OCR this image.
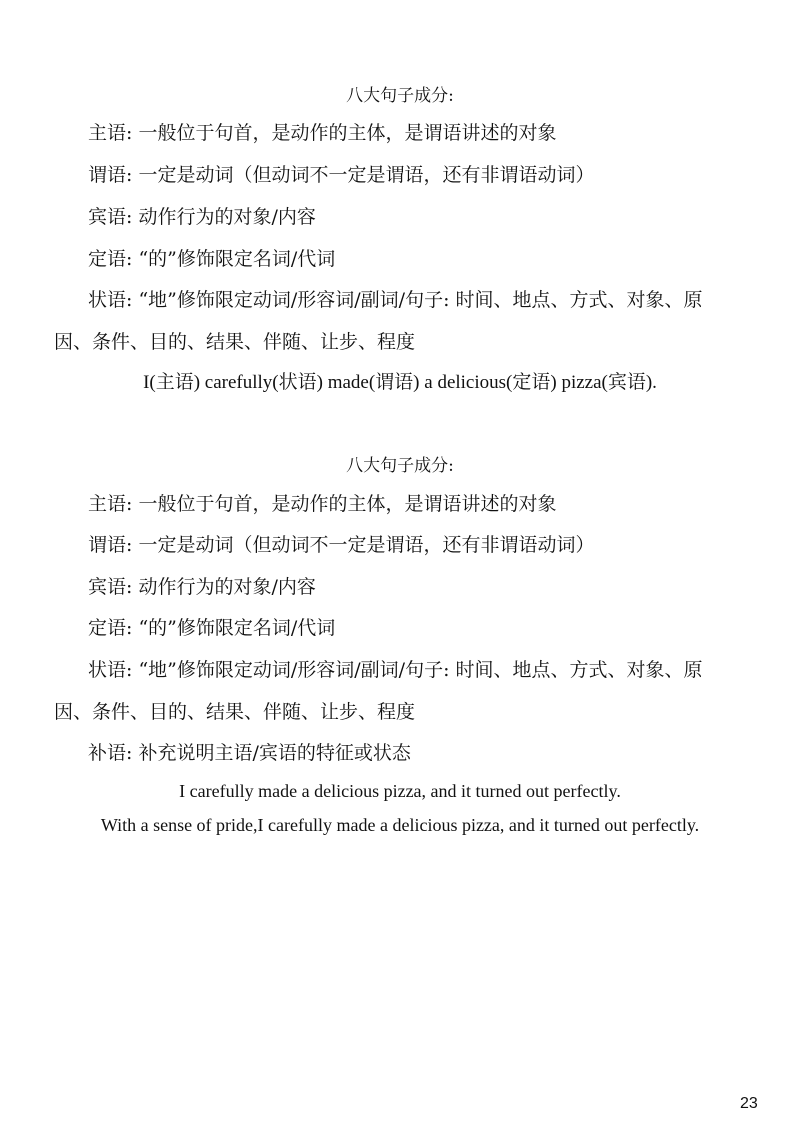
八大句子成分:
主语: 一般位于句首，是动作的主体，是谓语讲述的对象
谓语: 一定是动词（但动词不一定是谓语，还有非谓语动词）
宾语: 动作行为的对象/内容
定语: “的”修饰限定名词/代词
状语: “地”修饰限定动词/形容词/副词/句子: 时间、地点、方式、对象、原
因、条件、目的、结果、伴随、让步、程度
I(主语) carefully(状语) made(谓语) a delicious(定语) pizza(宾语).
八大句子成分:
主语: 一般位于句首，是动作的主体，是谓语讲述的对象
谓语: 一定是动词（但动词不一定是谓语，还有非谓语动词）
宾语: 动作行为的对象/内容
定语: “的”修饰限定名词/代词
状语: “地”修饰限定动词/形容词/副词/句子: 时间、地点、方式、对象、原
因、条件、目的、结果、伴随、让步、程度
补语: 补充说明主语/宾语的特征或状态
I carefully made a delicious pizza, and it turned out perfectly.
With a sense of pride,I carefully made a delicious pizza, and it turned out perfectly.
23
